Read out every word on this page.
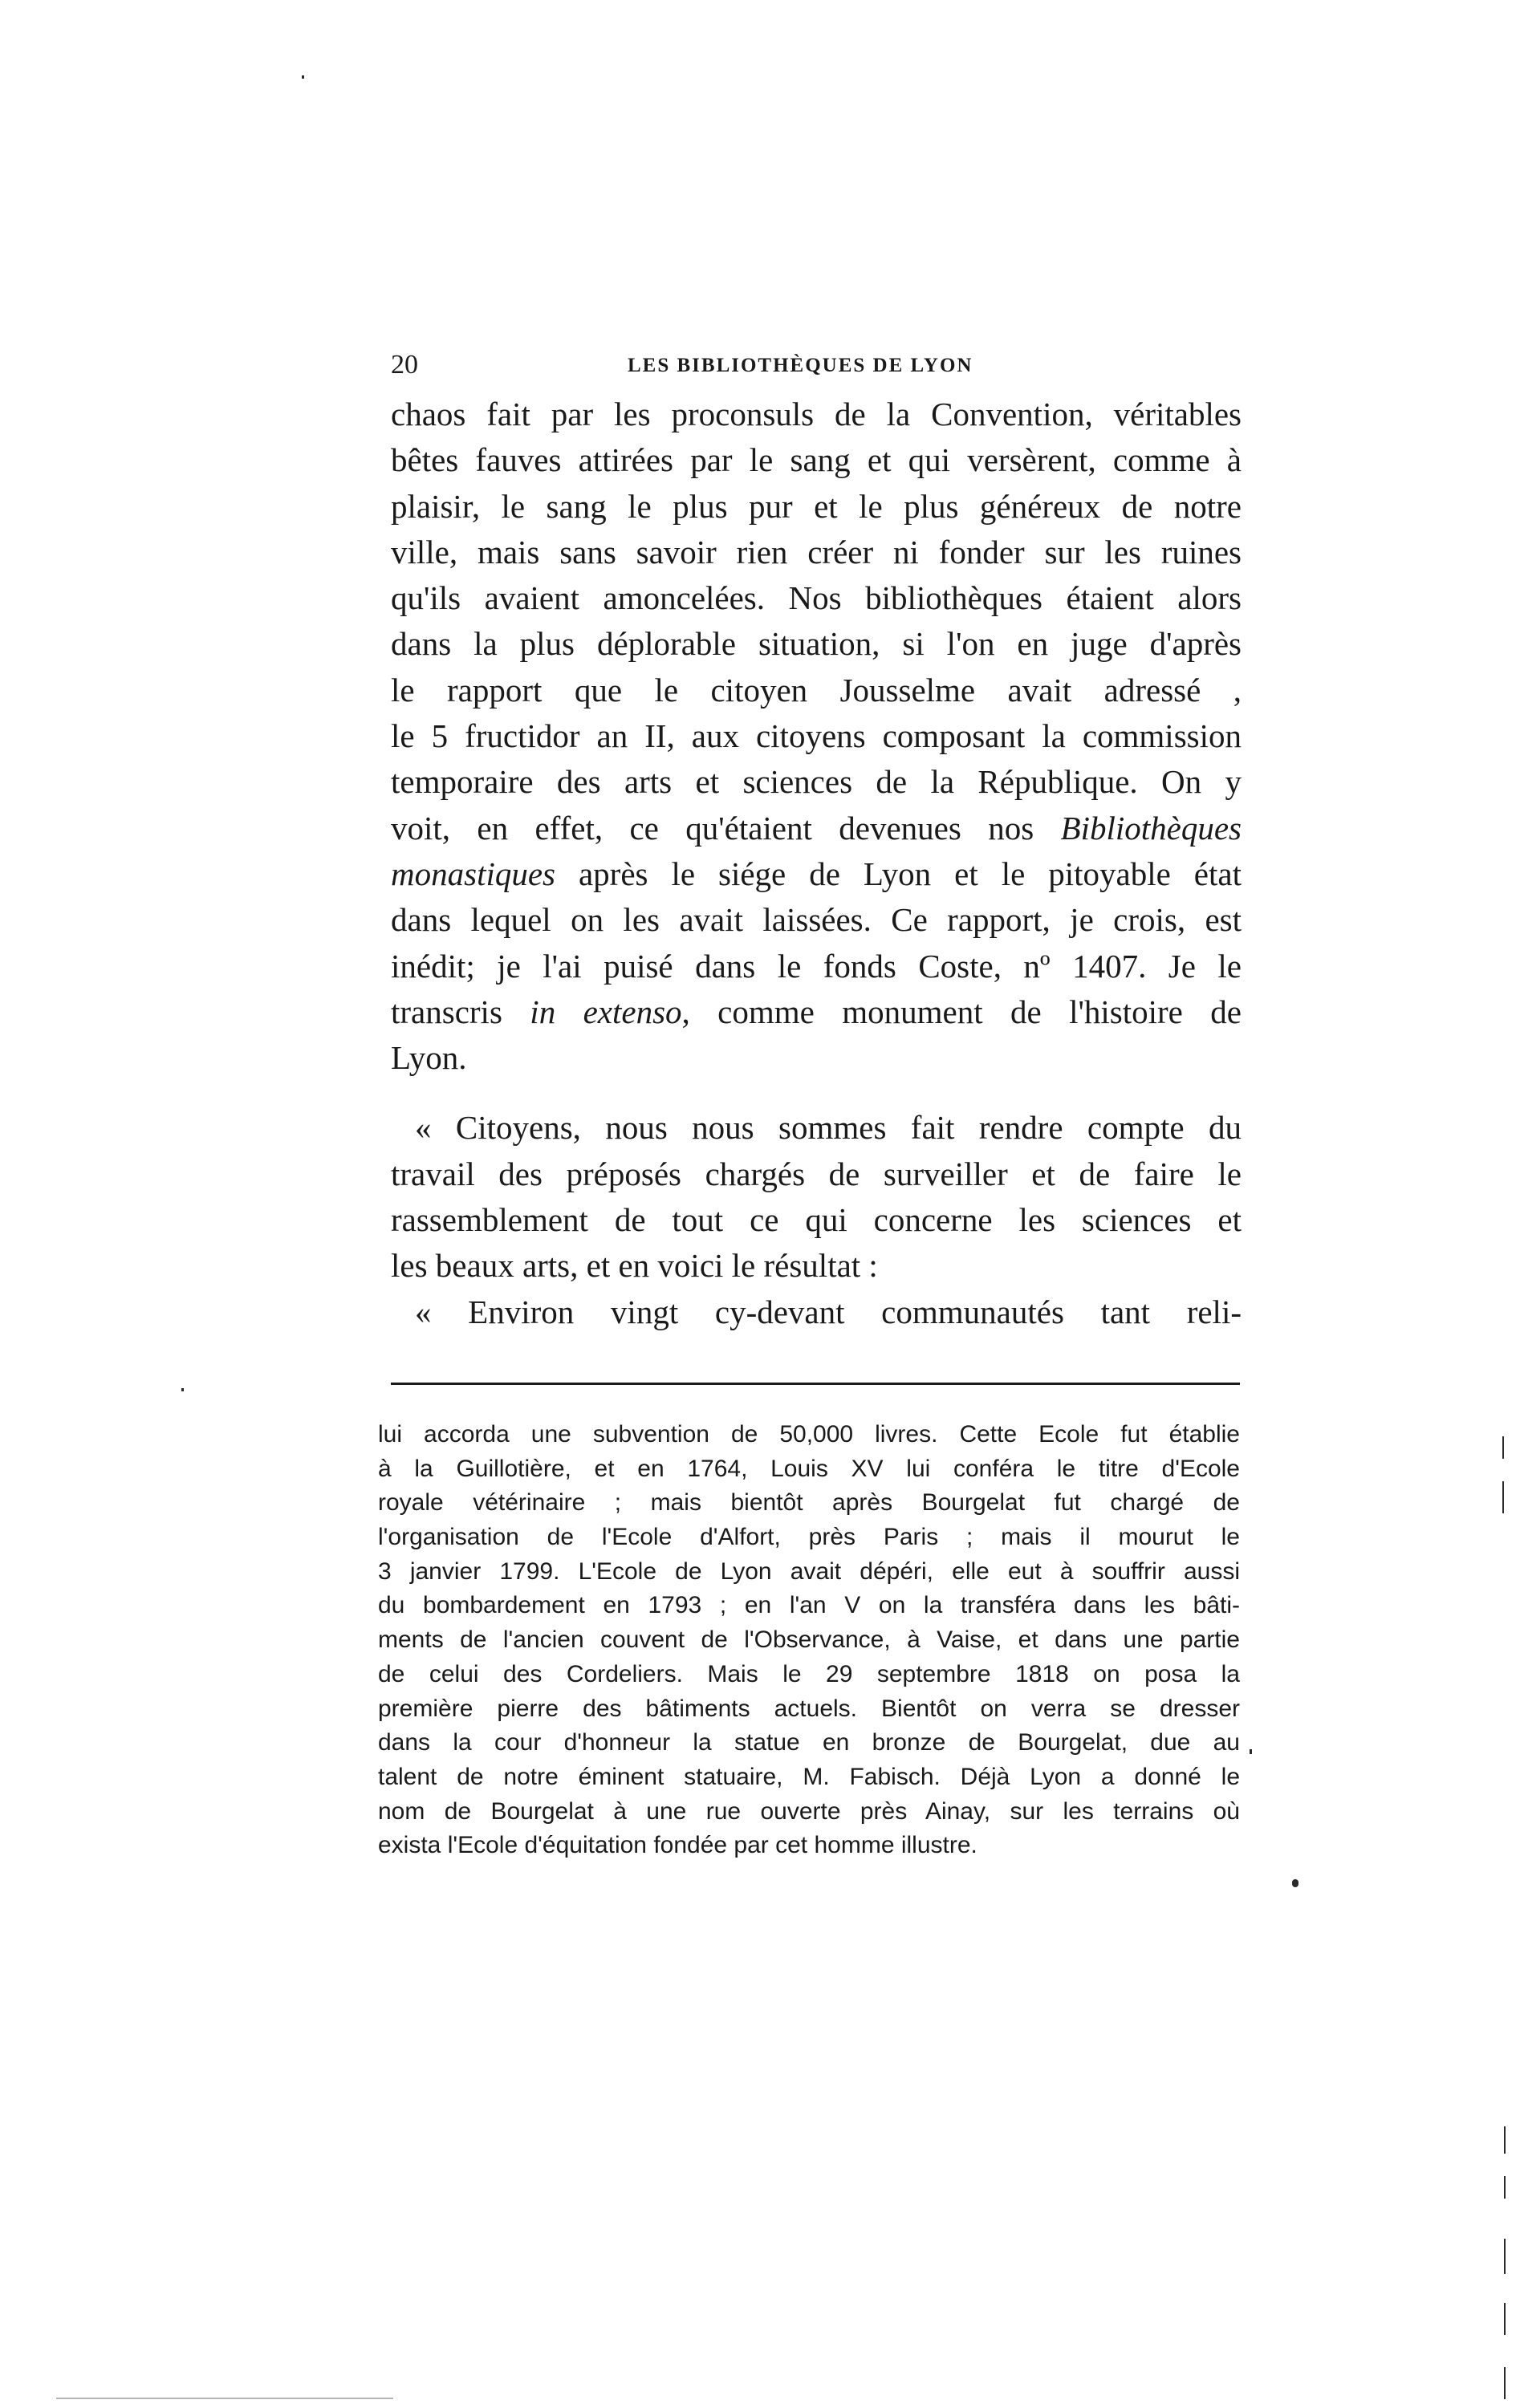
20	LES BIBLIOTHÈQUES DE LYON
chaos fait par les proconsuls de la Convention, véritables
bêtes fauves attirées par le sang et qui versèrent, comme à
plaisir, le sang le plus pur et le plus généreux de notre
ville, mais sans savoir rien créer ni fonder sur les ruines
qu'ils avaient amoncelées. Nos bibliothèques étaient alors
dans la plus déplorable situation, si l'on en juge d'après
le rapport que le citoyen Jousselme avait adressé ,
le 5 fructidor an II, aux citoyens composant la commission
temporaire des arts et sciences de la République. On y
voit, en effet, ce qu'étaient devenues nos Bibliothèques
monastiques après le siége de Lyon et le pitoyable état
dans lequel on les avait laissées. Ce rapport, je crois, est
inédit; je l'ai puisé dans le fonds Coste, nº 1407. Je le
transcris in extenso, comme monument de l'histoire de
Lyon.
« Citoyens, nous nous sommes fait rendre compte du
travail des préposés chargés de surveiller et de faire le
rassemblement de tout ce qui concerne les sciences et
les beaux arts, et en voici le résultat :
« Environ vingt cy-devant communautés tant reli-
lui accorda une subvention de 50,000 livres. Cette Ecole fut établie
à la Guillotière, et en 1764, Louis XV lui conféra le titre d'Ecole
royale vétérinaire ; mais bientôt après Bourgelat fut chargé de
l'organisation de l'Ecole d'Alfort, près Paris ; mais il mourut le
3 janvier 1799. L'Ecole de Lyon avait dépéri, elle eut à souffrir aussi
du bombardement en 1793 ; en l'an V on la transféra dans les bâti-
ments de l'ancien couvent de l'Observance, à Vaise, et dans une partie
de celui des Cordeliers. Mais le 29 septembre 1818 on posa la
première pierre des bâtiments actuels. Bientôt on verra se dresser
dans la cour d'honneur la statue en bronze de Bourgelat, due au
talent de notre éminent statuaire, M. Fabisch. Déjà Lyon a donné le
nom de Bourgelat à une rue ouverte près Ainay, sur les terrains où
exista l'Ecole d'équitation fondée par cet homme illustre.
